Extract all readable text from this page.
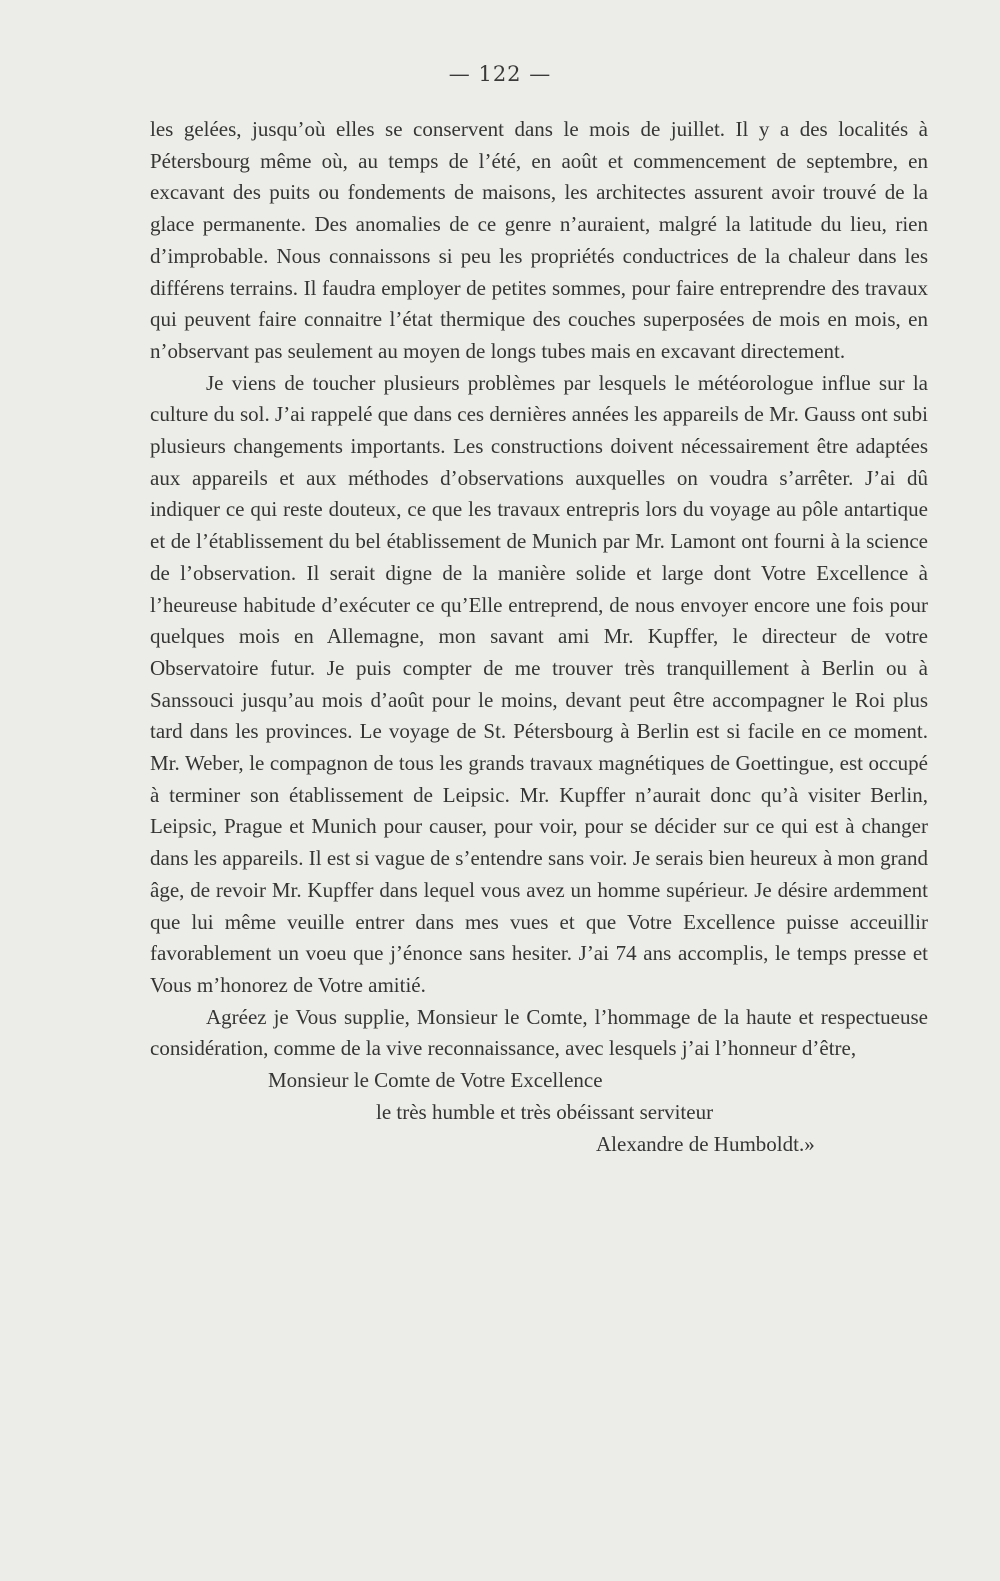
— 122 —

les gelées, jusqu’où elles se conservent dans le mois de juillet. Il y a des localités à Pétersbourg même où, au temps de l’été, en août et commencement de septembre, en excavant des puits ou fondements de maisons, les architectes assurent avoir trouvé de la glace permanente. Des anomalies de ce genre n’auraient, malgré la latitude du lieu, rien d’improbable. Nous connaissons si peu les propriétés conductrices de la chaleur dans les différens terrains. Il faudra employer de petites sommes, pour faire entreprendre des travaux qui peuvent faire connaitre l’état thermique des couches superposées de mois en mois, en n’observant pas seulement au moyen de longs tubes mais en excavant directement.

Je viens de toucher plusieurs problèmes par lesquels le météorologue influe sur la culture du sol. J’ai rappelé que dans ces dernières années les appareils de Mr. Gauss ont subi plusieurs changements importants. Les constructions doivent nécessairement être adaptées aux appareils et aux méthodes d’observations auxquelles on voudra s’arrêter. J’ai dû indiquer ce qui reste douteux, ce que les travaux entrepris lors du voyage au pôle antartique et de l’établissement du bel établissement de Munich par Mr. Lamont ont fourni à la science de l’observation. Il serait digne de la manière solide et large dont Votre Excellence à l’heureuse habitude d’exécuter ce qu’Elle entreprend, de nous envoyer encore une fois pour quelques mois en Allemagne, mon savant ami Mr. Kupffer, le directeur de votre Observatoire futur. Je puis compter de me trouver très tranquillement à Berlin ou à Sanssouci jusqu’au mois d’août pour le moins, devant peut être accompagner le Roi plus tard dans les provinces. Le voyage de St. Pétersbourg à Berlin est si facile en ce moment. Mr. Weber, le compagnon de tous les grands travaux magnétiques de Goettingue, est occupé à terminer son établissement de Leipsic. Mr. Kupffer n’aurait donc qu’à visiter Berlin, Leipsic, Prague et Munich pour causer, pour voir, pour se décider sur ce qui est à changer dans les appareils. Il est si vague de s’entendre sans voir. Je serais bien heureux à mon grand âge, de revoir Mr. Kupffer dans lequel vous avez un homme supérieur. Je désire ardemment que lui même veuille entrer dans mes vues et que Votre Excellence puisse acceuillir favorablement un voeu que j’énonce sans hesiter. J’ai 74 ans accomplis, le temps presse et Vous m’honorez de Votre amitié.

Agréez je Vous supplie, Monsieur le Comte, l’hommage de la haute et respectueuse considération, comme de la vive reconnaissance, avec lesquels j’ai l’honneur d’être,

Monsieur le Comte de Votre Excellence

le très humble et très obéissant serviteur

Alexandre de Humboldt.»
